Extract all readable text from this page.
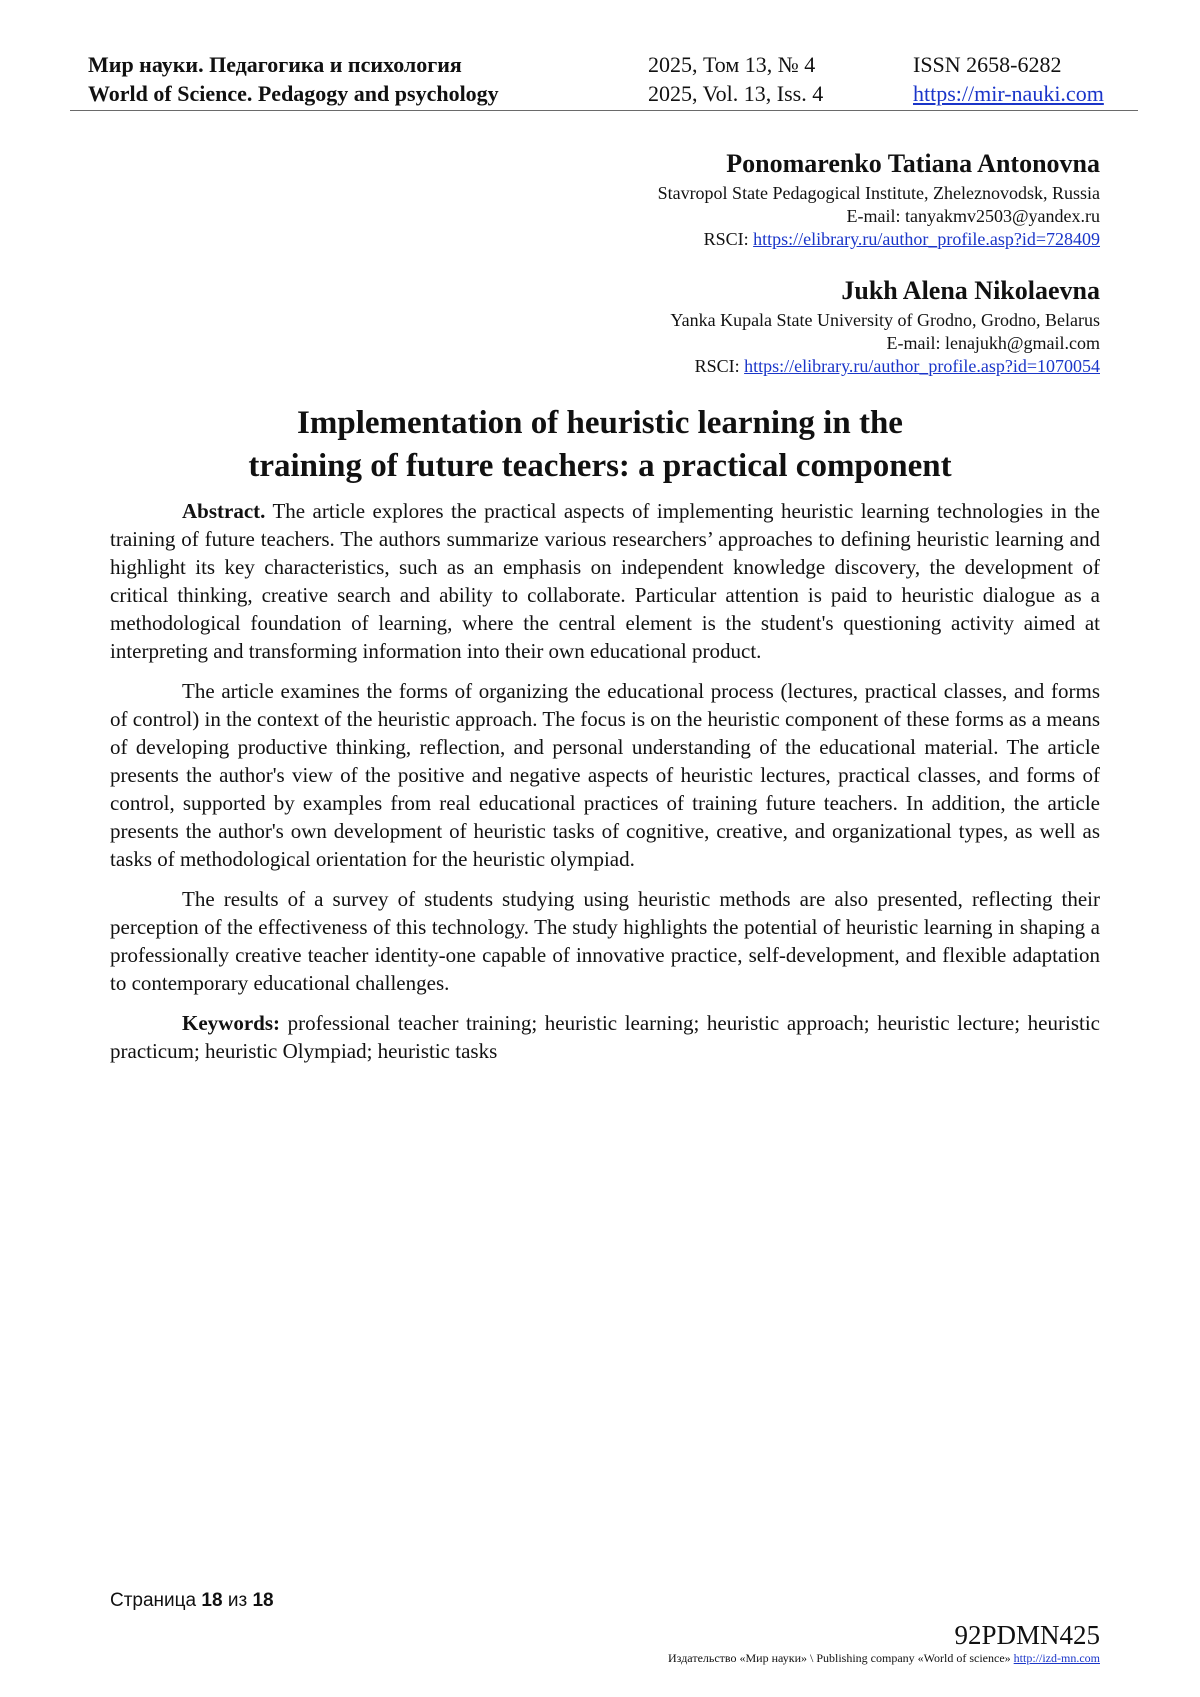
Мир науки. Педагогика и психология
World of Science. Pedagogy and psychology
2025, Том 13, № 4
2025, Vol. 13, Iss. 4
ISSN 2658-6282
https://mir-nauki.com
Ponomarenko Tatiana Antonovna
Stavropol State Pedagogical Institute, Zheleznovodsk, Russia
E-mail: tanyakmv2503@yandex.ru
RSCI: https://elibrary.ru/author_profile.asp?id=728409
Jukh Alena Nikolaevna
Yanka Kupala State University of Grodno, Grodno, Belarus
E-mail: lenajukh@gmail.com
RSCI: https://elibrary.ru/author_profile.asp?id=1070054
Implementation of heuristic learning in the
training of future teachers: a practical component

Abstract. The article explores the practical aspects of implementing heuristic learning technologies in the training of future teachers. The authors summarize various researchers’ approaches to defining heuristic learning and highlight its key characteristics, such as an emphasis on independent knowledge discovery, the development of critical thinking, creative search and ability to collaborate. Particular attention is paid to heuristic dialogue as a methodological foundation of learning, where the central element is the student's questioning activity aimed at interpreting and transforming information into their own educational product.

The article examines the forms of organizing the educational process (lectures, practical classes, and forms of control) in the context of the heuristic approach. The focus is on the heuristic component of these forms as a means of developing productive thinking, reflection, and personal understanding of the educational material. The article presents the author's view of the positive and negative aspects of heuristic lectures, practical classes, and forms of control, supported by examples from real educational practices of training future teachers. In addition, the article presents the author's own development of heuristic tasks of cognitive, creative, and organizational types, as well as tasks of methodological orientation for the heuristic olympiad.

The results of a survey of students studying using heuristic methods are also presented, reflecting their perception of the effectiveness of this technology. The study highlights the potential of heuristic learning in shaping a professionally creative teacher identity-one capable of innovative practice, self-development, and flexible adaptation to contemporary educational challenges.

Keywords: professional teacher training; heuristic learning; heuristic approach; heuristic lecture; heuristic practicum; heuristic Olympiad; heuristic tasks

Страница 18 из 18
92PDMN425
Издательство «Мир науки» \ Publishing company «World of science» http://izd-mn.com
